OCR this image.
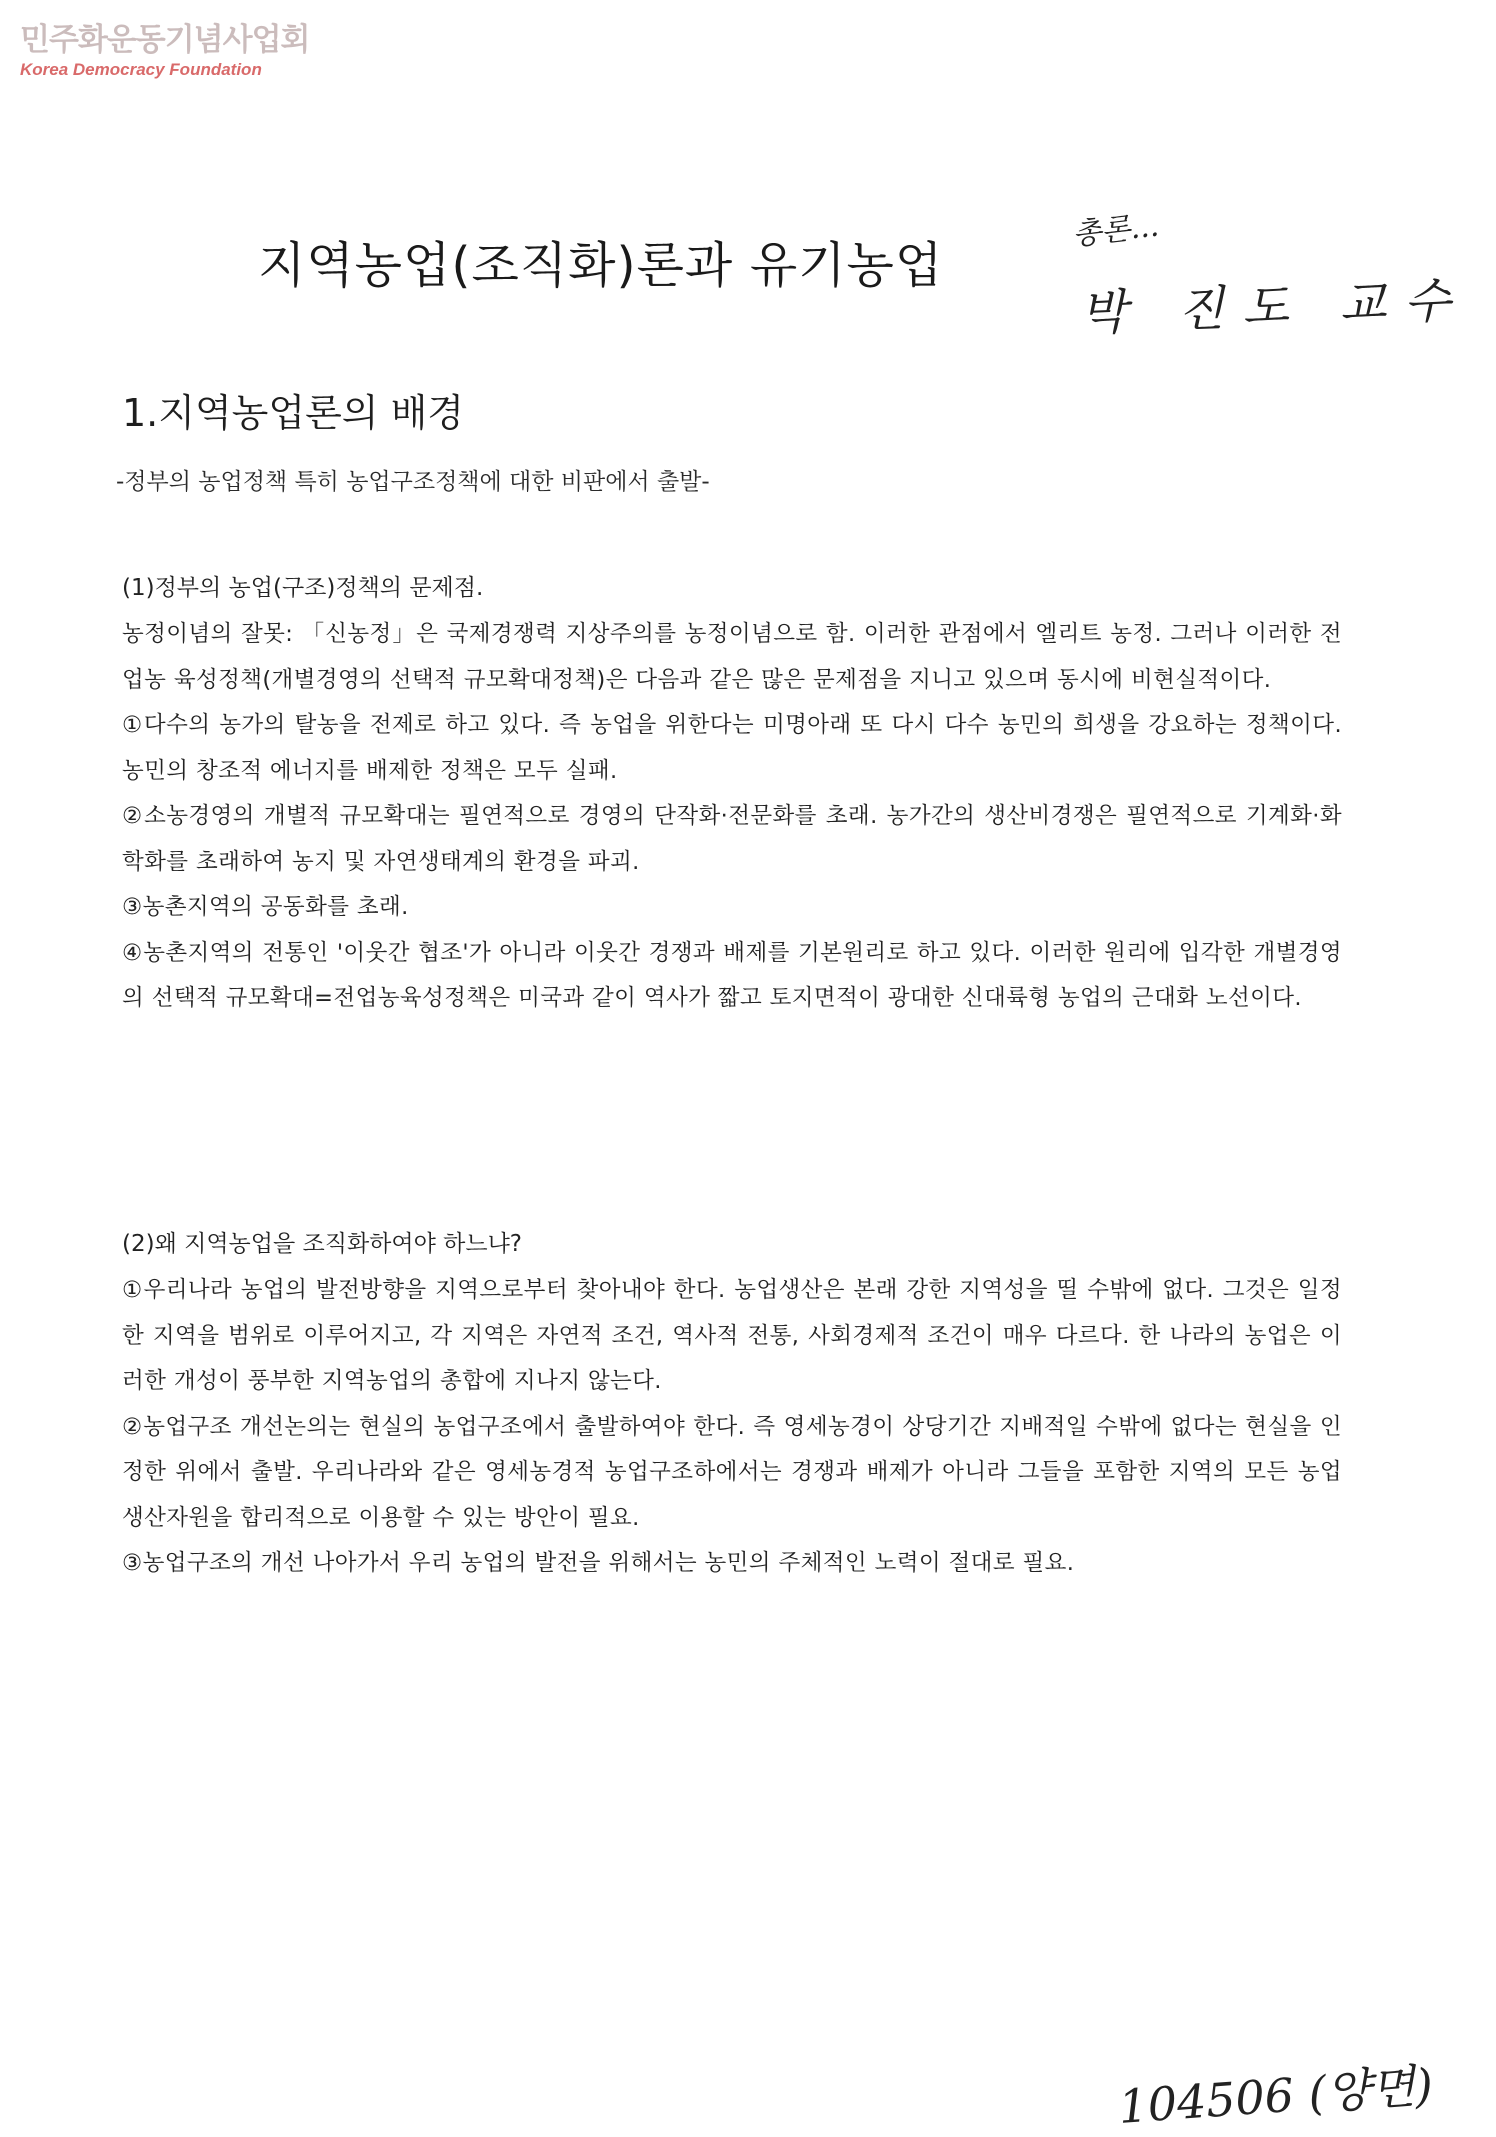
민주화운동기념사업회
Korea Democracy Foundation
지역농업(조직화)론과 유기농업
총론...
박 진도 교수
1.지역농업론의 배경
-정부의 농업정책 특히 농업구조정책에 대한 비판에서 출발-

(1)정부의 농업(구조)정책의 문제점.

농정이념의 잘못: 「신농정」은 국제경쟁력 지상주의를 농정이념으로 함. 이러한 관점에서 엘리트 농정. 그러나 이러한 전업농 육성정책(개별경영의 선택적 규모확대정책)은 다음과 같은 많은 문제점을 지니고 있으며 동시에 비현실적이다.

①다수의 농가의 탈농을 전제로 하고 있다. 즉 농업을 위한다는 미명아래 또 다시 다수 농민의 희생을 강요하는 정책이다. 농민의 창조적 에너지를 배제한 정책은 모두 실패.

②소농경영의 개별적 규모확대는 필연적으로 경영의 단작화·전문화를 초래. 농가간의 생산비경쟁은 필연적으로 기계화·화학화를 초래하여 농지 및 자연생태계의 환경을 파괴.

③농촌지역의 공동화를 초래.

④농촌지역의 전통인 '이웃간 협조'가 아니라 이웃간 경쟁과 배제를 기본원리로 하고 있다. 이러한 원리에 입각한 개별경영의 선택적 규모확대=전업농육성정책은 미국과 같이 역사가 짧고 토지면적이 광대한 신대륙형 농업의 근대화 노선이다.

(2)왜 지역농업을 조직화하여야 하느냐?

①우리나라 농업의 발전방향을 지역으로부터 찾아내야 한다. 농업생산은 본래 강한 지역성을 띨 수밖에 없다. 그것은 일정한 지역을 범위로 이루어지고, 각 지역은 자연적 조건, 역사적 전통, 사회경제적 조건이 매우 다르다. 한 나라의 농업은 이러한 개성이 풍부한 지역농업의 총합에 지나지 않는다.

②농업구조 개선논의는 현실의 농업구조에서 출발하여야 한다. 즉 영세농경이 상당기간 지배적일 수밖에 없다는 현실을 인정한 위에서 출발. 우리나라와 같은 영세농경적 농업구조하에서는 경쟁과 배제가 아니라 그들을 포함한 지역의 모든 농업생산자원을 합리적으로 이용할 수 있는 방안이 필요.

③농업구조의 개선 나아가서 우리 농업의 발전을 위해서는 농민의 주체적인 노력이 절대로 필요.

104506 (양면)
